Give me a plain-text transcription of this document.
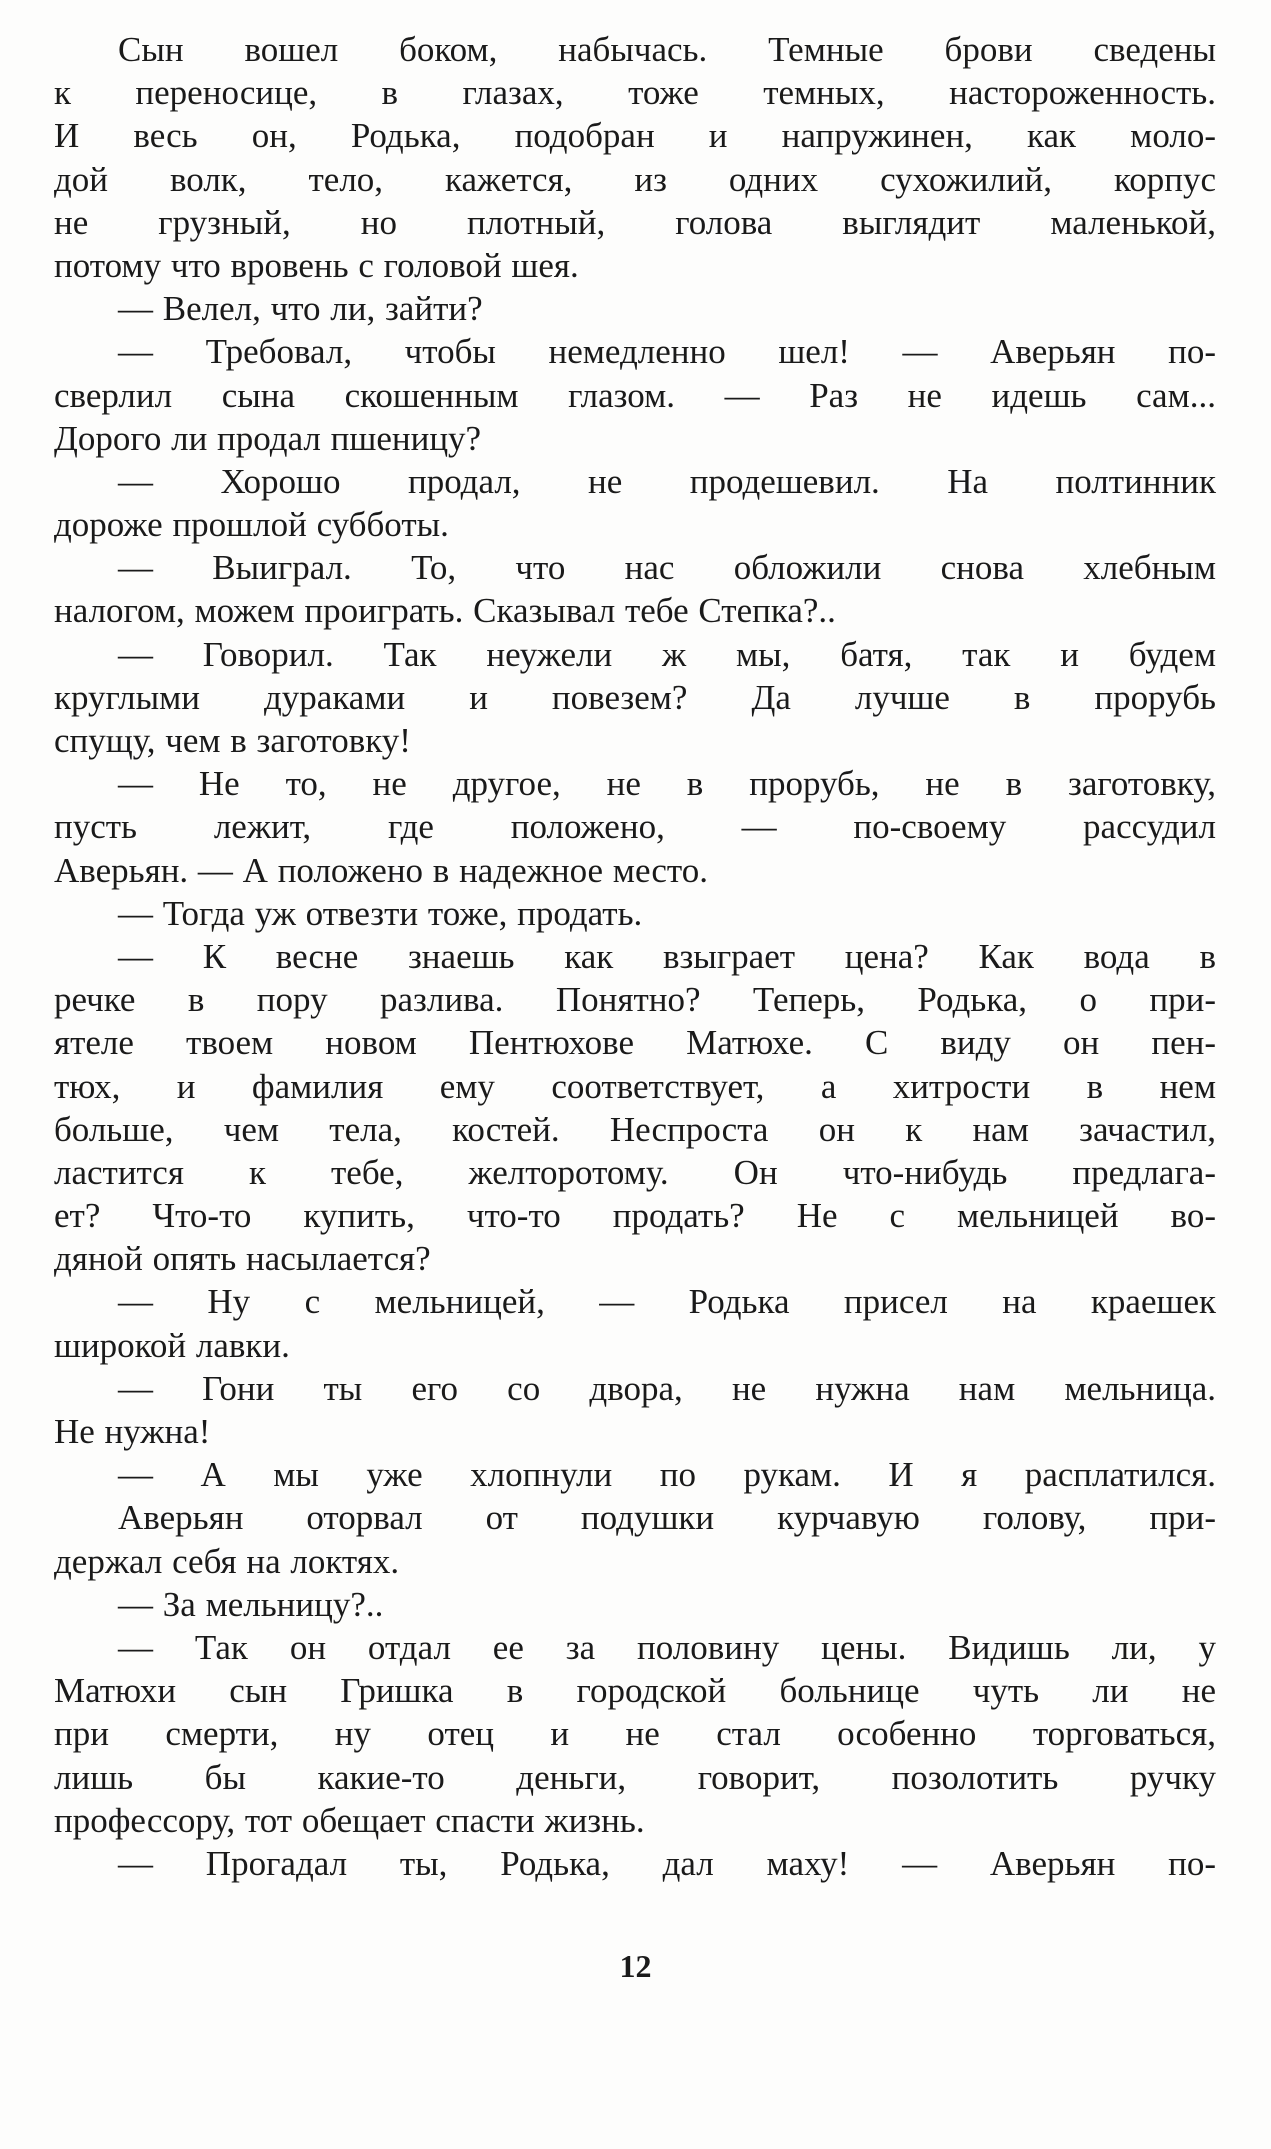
Сын вошел боком, набычась. Темные брови сведены
к переносице, в глазах, тоже темных, настороженность.
И весь он, Родька, подобран и напружинен, как моло-
дой волк, тело, кажется, из одних сухожилий, корпус
не грузный, но плотный, голова выглядит маленькой,
потому что вровень с головой шея.
— Велел, что ли, зайти?
— Требовал, чтобы немедленно шел! — Аверьян по-
сверлил сына скошенным глазом. — Раз не идешь сам...
Дорого ли продал пшеницу?
— Хорошо продал, не продешевил. На полтинник
дороже прошлой субботы.
— Выиграл. То, что нас обложили снова хлебным
налогом, можем проиграть. Сказывал тебе Степка?..
— Говорил. Так неужели ж мы, батя, так и будем
круглыми дураками и повезем? Да лучше в прорубь
спущу, чем в заготовку!
— Не то, не другое, не в прорубь, не в заготовку,
пусть лежит, где положено, — по-своему рассудил
Аверьян. — А положено в надежное место.
— Тогда уж отвезти тоже, продать.
— К весне знаешь как взыграет цена? Как вода в
речке в пору разлива. Понятно? Теперь, Родька, о при-
ятеле твоем новом Пентюхове Матюхе. С виду он пен-
тюх, и фамилия ему соответствует, а хитрости в нем
больше, чем тела, костей. Неспроста он к нам зачастил,
ластится к тебе, желторотому. Он что-нибудь предлага-
ет? Что-то купить, что-то продать? Не с мельницей во-
дяной опять насылается?
— Ну с мельницей, — Родька присел на краешек
широкой лавки.
— Гони ты его со двора, не нужна нам мельница.
Не нужна!
— А мы уже хлопнули по рукам. И я расплатился.
Аверьян оторвал от подушки курчавую голову, при-
держал себя на локтях.
— За мельницу?..
— Так он отдал ее за половину цены. Видишь ли, у
Матюхи сын Гришка в городской больнице чуть ли не
при смерти, ну отец и не стал особенно торговаться,
лишь бы какие-то деньги, говорит, позолотить ручку
профессору, тот обещает спасти жизнь.
— Прогадал ты, Родька, дал маху! — Аверьян по-
12
